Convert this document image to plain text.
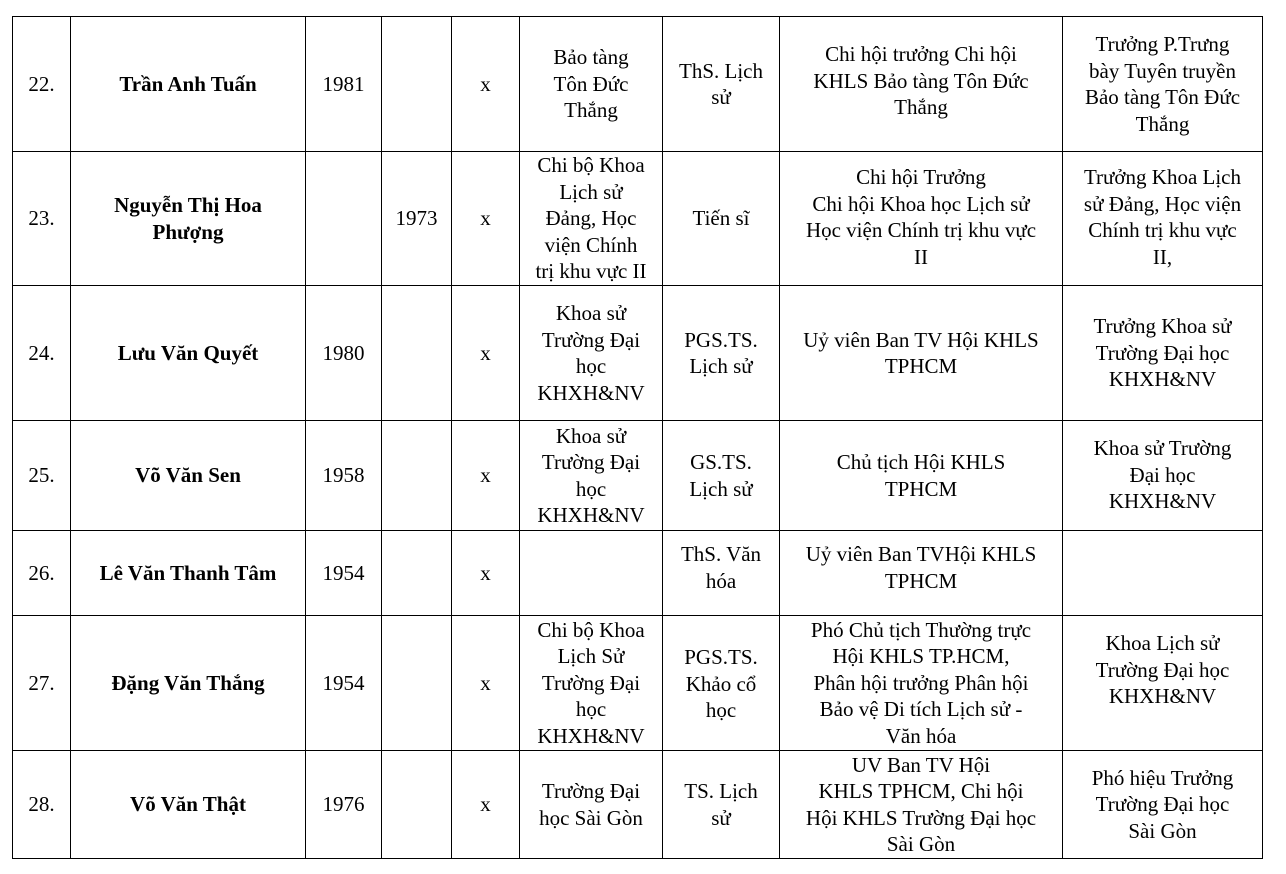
22.	Trần Anh Tuấn	1981		x	Bảo tàng
Tôn Đức
Thắng	ThS. Lịch
sử	Chi hội trưởng Chi hội
KHLS Bảo tàng Tôn Đức
Thắng	Trưởng P.Trưng
bày Tuyên truyền
Bảo tàng Tôn Đức
Thắng
23.	Nguyễn Thị Hoa
Phượng		1973	x	Chi bộ Khoa
Lịch sử
Đảng, Học
viện Chính
trị khu vực II	Tiến sĩ	Chi hội Trưởng
Chi hội Khoa học Lịch sử
Học viện Chính trị khu vực
II	Trưởng Khoa Lịch
sử Đảng, Học viện
Chính trị khu vực
II,
24.	Lưu Văn Quyết	1980		x	Khoa sử
Trường Đại
học
KHXH&NV	PGS.TS.
Lịch sử	Uỷ viên Ban TV Hội KHLS
TPHCM	Trưởng Khoa sử
Trường Đại học
KHXH&NV
25.	Võ Văn Sen	1958		x	Khoa sử
Trường Đại
học
KHXH&NV	GS.TS.
Lịch sử	Chủ tịch Hội KHLS
TPHCM	Khoa sử Trường
Đại học
KHXH&NV
26.	Lê Văn Thanh Tâm	1954		x		ThS. Văn
hóa	Uỷ viên Ban TVHội KHLS
TPHCM	
27.	Đặng Văn Thắng	1954		x	Chi bộ Khoa
Lịch Sử
Trường Đại
học
KHXH&NV	PGS.TS.
Khảo cổ
học	Phó Chủ tịch Thường trực
Hội KHLS TP.HCM,
Phân hội trưởng Phân hội
Bảo vệ Di tích Lịch sử -
Văn hóa	Khoa Lịch sử
Trường Đại học
KHXH&NV
28.	Võ Văn Thật	1976		x	Trường Đại
học Sài Gòn	TS. Lịch
sử	UV Ban TV Hội
KHLS TPHCM, Chi hội
Hội KHLS Trường Đại học
Sài Gòn	Phó hiệu Trưởng
Trường Đại học
Sài Gòn
